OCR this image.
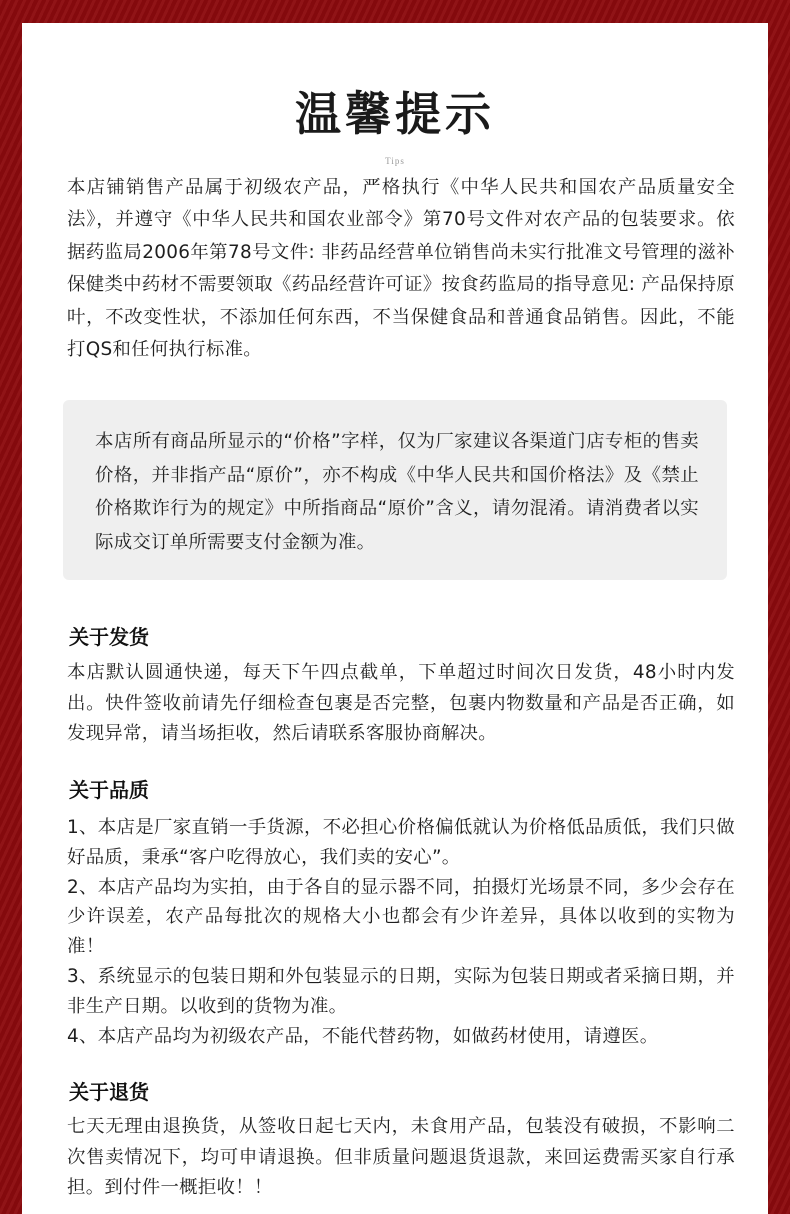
温馨提示
Tips

本店铺销售产品属于初级农产品，严格执行《中华人民共和国农产品质量安全法》，并遵守《中华人民共和国农业部令》第70号文件对农产品的包装要求。依据药监局2006年第78号文件: 非药品经营单位销售尚未实行批准文号管理的滋补保健类中药材不需要领取《药品经营许可证》按食药监局的指导意见: 产品保持原叶，不改变性状，不添加任何东西，不当保健食品和普通食品销售。因此，不能打QS和任何执行标准。

本店所有商品所显示的“价格”字样，仅为厂家建议各渠道门店专柜的售卖价格，并非指产品“原价”，亦不构成《中华人民共和国价格法》及《禁止价格欺诈行为的规定》中所指商品“原价”含义，请勿混淆。请消费者以实际成交订单所需要支付金额为准。

关于发货

本店默认圆通快递，每天下午四点截单，下单超过时间次日发货，48小时内发出。快件签收前请先仔细检查包裹是否完整，包裹内物数量和产品是否正确，如发现异常，请当场拒收，然后请联系客服协商解决。

关于品质

1、本店是厂家直销一手货源，不必担心价格偏低就认为价格低品质低，我们只做好品质，秉承“客户吃得放心，我们卖的安心”。

2、本店产品均为实拍，由于各自的显示器不同，拍摄灯光场景不同，多少会存在少许误差，农产品每批次的规格大小也都会有少许差异，具体以收到的实物为准！

3、系统显示的包装日期和外包装显示的日期，实际为包装日期或者采摘日期，并非生产日期。以收到的货物为准。

4、本店产品均为初级农产品，不能代替药物，如做药材使用，请遵医。

关于退货

七天无理由退换货，从签收日起七天内，未食用产品，包装没有破损，不影响二次售卖情况下，均可申请退换。但非质量问题退货退款，来回运费需买家自行承担。到付件一概拒收！！
